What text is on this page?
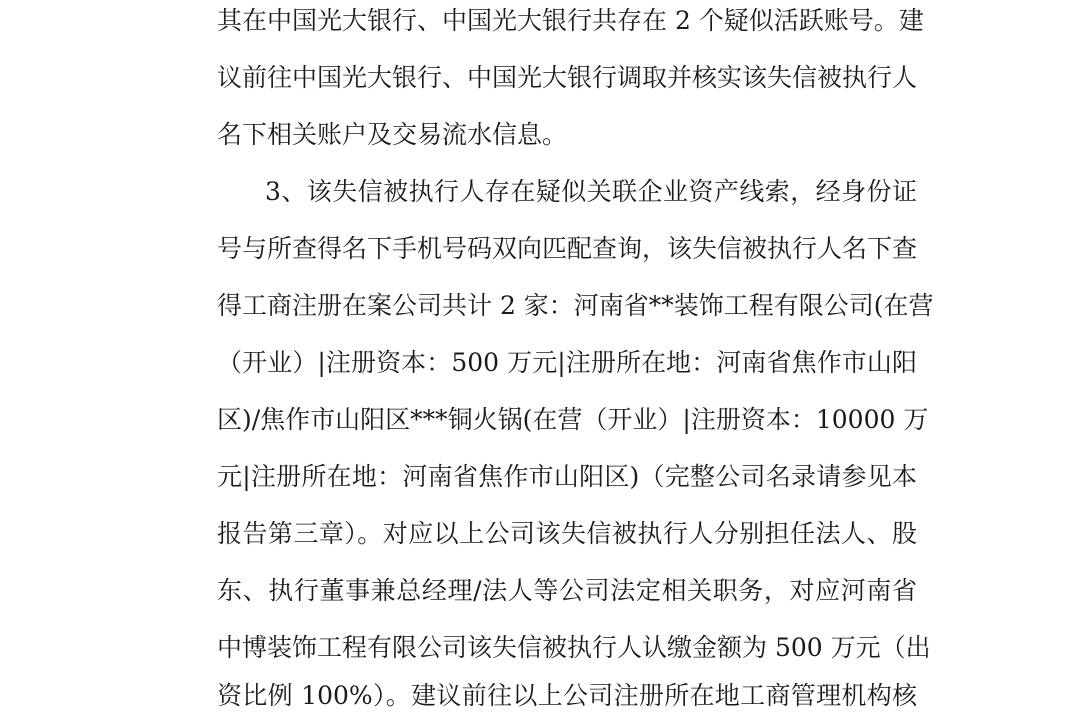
其在中国光大银行、中国光大银行共存在 2 个疑似活跃账号。建
议前往中国光大银行、中国光大银行调取并核实该失信被执行人
名下相关账户及交易流水信息。
3、该失信被执行人存在疑似关联企业资产线索，经身份证
号与所查得名下手机号码双向匹配查询，该失信被执行人名下查
得工商注册在案公司共计 2 家：河南省**装饰工程有限公司(在营
（开业）|注册资本：500 万元|注册所在地：河南省焦作市山阳
区)/焦作市山阳区***铜火锅(在营（开业）|注册资本：10000 万
元|注册所在地：河南省焦作市山阳区)（完整公司名录请参见本
报告第三章）。对应以上公司该失信被执行人分别担任法人、股
东、执行董事兼总经理/法人等公司法定相关职务，对应河南省
中博装饰工程有限公司该失信被执行人认缴金额为 500 万元（出
资比例 100%）。建议前往以上公司注册所在地工商管理机构核
